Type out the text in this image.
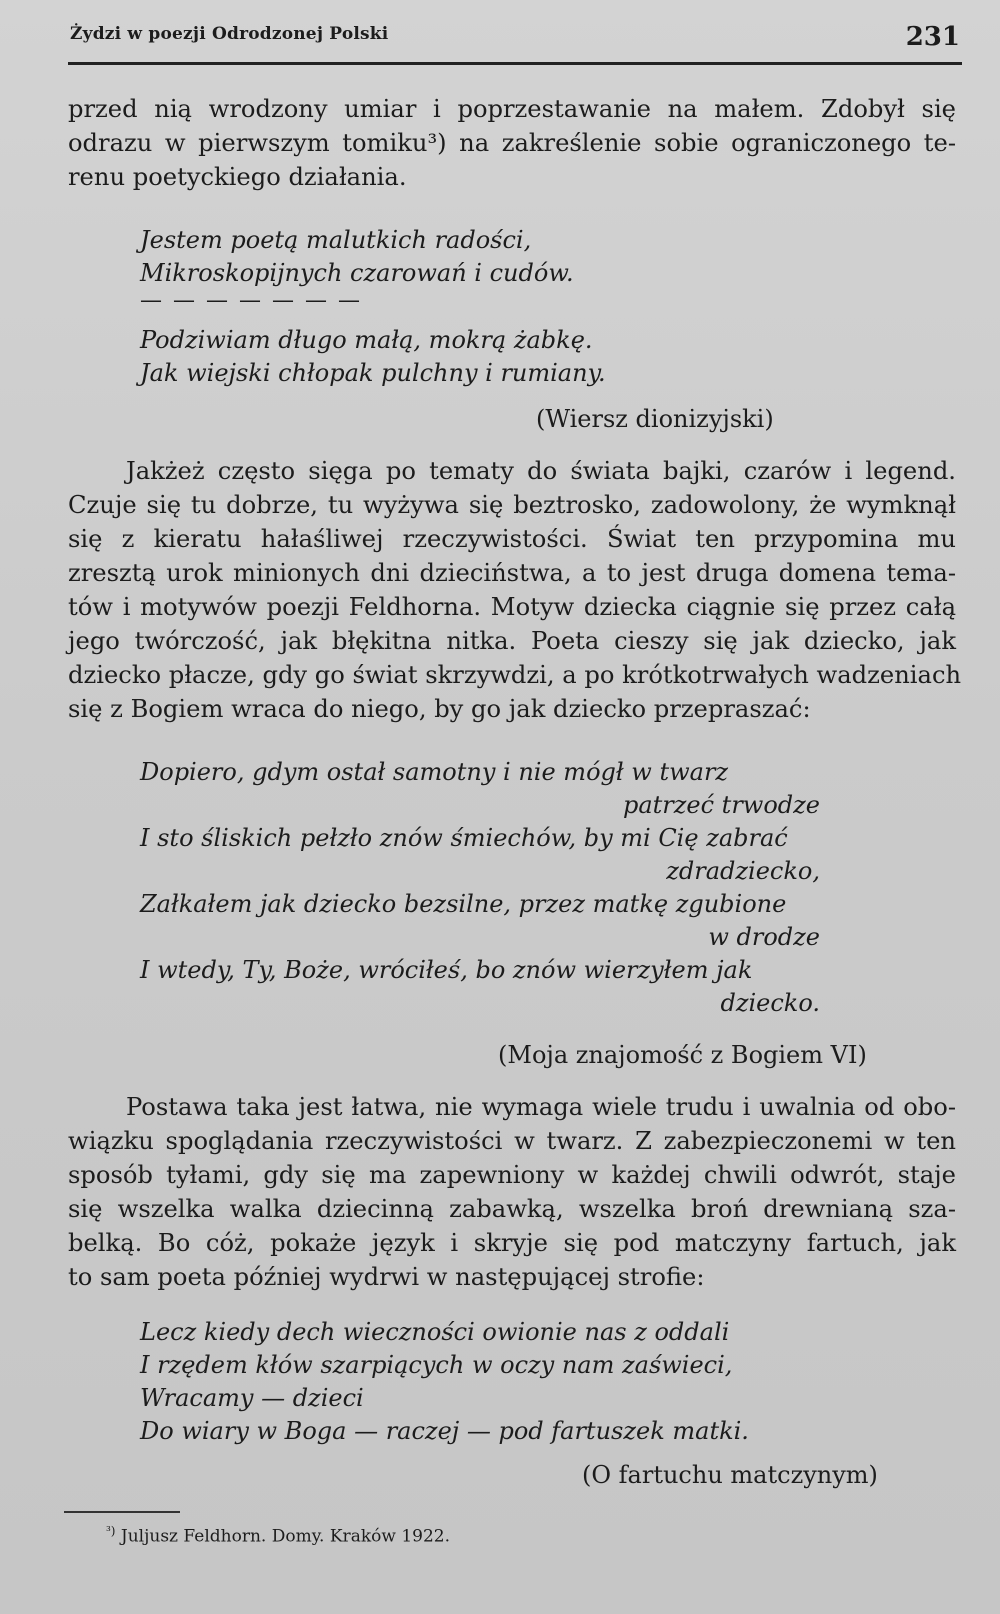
Żydzi w poezji Odrodzonej Polski	231
przed nią wrodzony umiar i poprzestawanie na małem. Zdobył się
odrazu w pierwszym tomiku³) na zakreślenie sobie ograniczonego te-
renu poetyckiego działania.
Jestem poetą malutkich radości,
Mikroskopijnych czarowań i cudów.
— — — — — — —
Podziwiam długo małą, mokrą żabkę.
Jak wiejski chłopak pulchny i rumiany.
(Wiersz dionizyjski)
Jakżeż często sięga po tematy do świata bajki, czarów i legend.
Czuje się tu dobrze, tu wyżywa się beztrosko, zadowolony, że wymknął
się z kieratu hałaśliwej rzeczywistości. Świat ten przypomina mu
zresztą urok minionych dni dzieciństwa, a to jest druga domena tema-
tów i motywów poezji Feldhorna. Motyw dziecka ciągnie się przez całą
jego twórczość, jak błękitna nitka. Poeta cieszy się jak dziecko, jak
dziecko płacze, gdy go świat skrzywdzi, a po krótkotrwałych wadzeniach
się z Bogiem wraca do niego, by go jak dziecko przepraszać:
Dopiero, gdym ostał samotny i nie mógł w twarz
patrzeć trwodze
I sto śliskich pełzło znów śmiechów, by mi Cię zabrać
zdradziecko,
Załkałem jak dziecko bezsilne, przez matkę zgubione
w drodze
I wtedy, Ty, Boże, wróciłeś, bo znów wierzyłem jak
dziecko.
(Moja znajomość z Bogiem VI)
Postawa taka jest łatwa, nie wymaga wiele trudu i uwalnia od obo-
wiązku spoglądania rzeczywistości w twarz. Z zabezpieczonemi w ten
sposób tyłami, gdy się ma zapewniony w każdej chwili odwrót, staje
się wszelka walka dziecinną zabawką, wszelka broń drewnianą sza-
belką. Bo cóż, pokaże język i skryje się pod matczyny fartuch, jak
to sam poeta później wydrwi w następującej strofie:
Lecz kiedy dech wieczności owionie nas z oddali
I rzędem kłów szarpiących w oczy nam zaświeci,
Wracamy — dzieci
Do wiary w Boga — raczej — pod fartuszek matki.
(O fartuchu matczynym)
$^{^3)}$ Juljusz Feldhorn. Domy. Kraków 1922.
